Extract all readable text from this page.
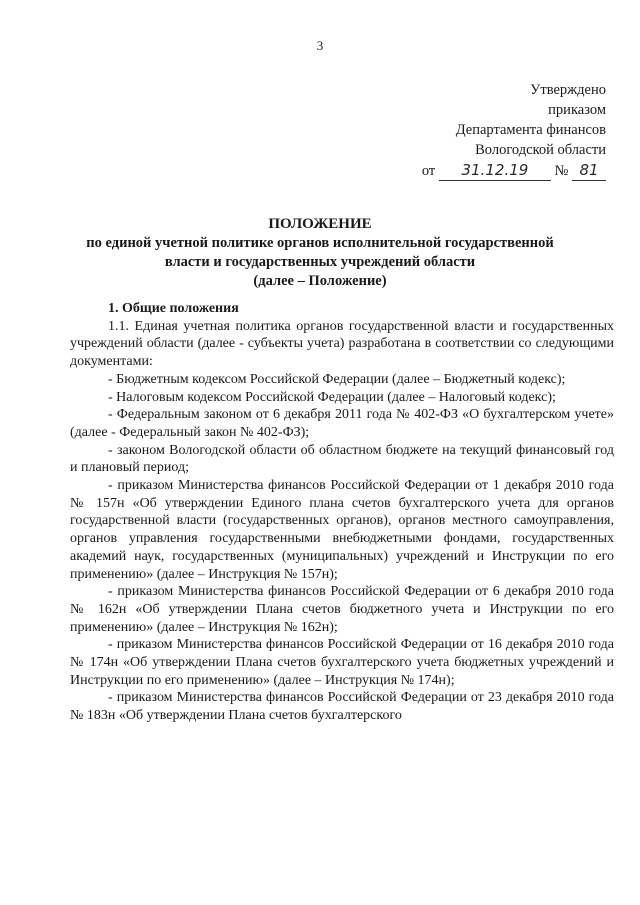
3
Утверждено
приказом
Департамента финансов
Вологодской области
от 31.12.19 № 81
ПОЛОЖЕНИЕ
по единой учетной политике органов исполнительной государственной
власти и государственных учреждений области
(далее – Положение)

1. Общие положения

1.1. Единая учетная политика органов государственной власти и государственных учреждений области (далее - субъекты учета) разработана в соответствии со следующими документами:

- Бюджетным кодексом Российской Федерации (далее – Бюджетный кодекс);

- Налоговым кодексом Российской Федерации (далее – Налоговый кодекс);

- Федеральным законом от 6 декабря 2011 года № 402-ФЗ «О бухгалтерском учете» (далее - Федеральный закон № 402-ФЗ);

- законом Вологодской области об областном бюджете на текущий финансовый год и плановый период;

- приказом Министерства финансов Российской Федерации от 1 декабря 2010 года № 157н «Об утверждении Единого плана счетов бухгалтерского учета для органов государственной власти (государственных органов), органов местного самоуправления, органов управления государственными внебюджетными фондами, государственных академий наук, государственных (муниципальных) учреждений и Инструкции по его применению» (далее – Инструкция № 157н);

- приказом Министерства финансов Российской Федерации от 6 декабря 2010 года № 162н «Об утверждении Плана счетов бюджетного учета и Инструкции по его применению» (далее – Инструкция № 162н);

- приказом Министерства финансов Российской Федерации от 16 декабря 2010 года № 174н «Об утверждении Плана счетов бухгалтерского учета бюджетных учреждений и Инструкции по его применению» (далее – Инструкция № 174н);

- приказом Министерства финансов Российской Федерации от 23 декабря 2010 года № 183н «Об утверждении Плана счетов бухгалтерского
